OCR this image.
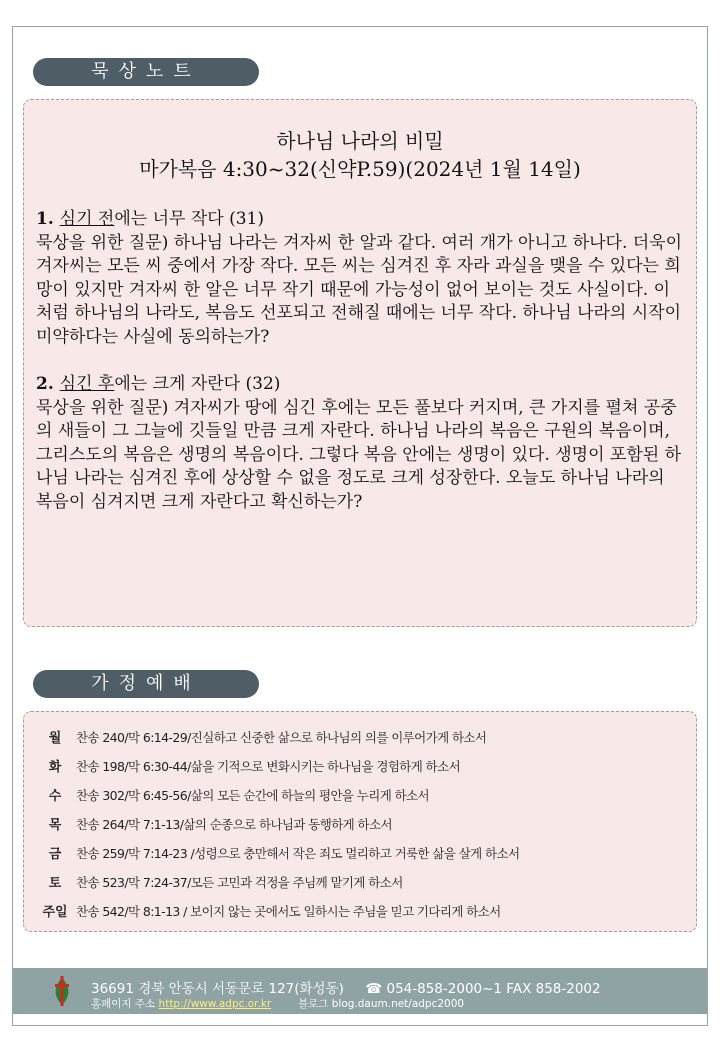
묵상노트
하나님 나라의 비밀
마가복음 4:30~32(신약P.59)(2024년 1월 14일)

1. 심기 전에는 너무 작다 (31)

묵상을 위한 질문) 하나님 나라는 겨자씨 한 알과 같다. 여러 개가 아니고 하나다. 더욱이 겨자씨는 모든 씨 중에서 가장 작다. 모든 씨는 심겨진 후 자라 과실을 맺을 수 있다는 희망이 있지만 겨자씨 한 알은 너무 작기 때문에 가능성이 없어 보이는 것도 사실이다. 이처럼 하나님의 나라도, 복음도 선포되고 전해질 때에는 너무 작다. 하나님 나라의 시작이 미약하다는 사실에 동의하는가?

2. 심긴 후에는 크게 자란다 (32)

묵상을 위한 질문) 겨자씨가 땅에 심긴 후에는 모든 풀보다 커지며, 큰 가지를 펼쳐 공중의 새들이 그 그늘에 깃들일 만큼 크게 자란다. 하나님 나라의 복음은 구원의 복음이며, 그리스도의 복음은 생명의 복음이다. 그렇다 복음 안에는 생명이 있다. 생명이 포함된 하나님 나라는 심겨진 후에 상상할 수 없을 정도로 크게 성장한다. 오늘도 하나님 나라의 복음이 심겨지면 크게 자란다고 확신하는가?

가정예배
월	찬송 240/막 6:14-29/진실하고 신중한 삶으로 하나님의 의를 이루어가게 하소서
화	찬송 198/막 6:30-44/삶을 기적으로 변화시키는 하나님을 경험하게 하소서
수	찬송 302/막 6:45-56/삶의 모든 순간에 하늘의 평안을 누리게 하소서
목	찬송 264/막 7:1-13/삶의 순종으로 하나님과 동행하게 하소서
금	찬송 259/막 7:14-23 /성령으로 충만해서 작은 죄도 멀리하고 거룩한 삶을 살게 하소서
토	찬송 523/막 7:24-37/모든 고민과 걱정을 주님께 맡기게 하소서
주일 찬송 542/막 8:1-13 / 보이지 않는 곳에서도 일하시는 주님을 믿고 기다리게 하소서
36691 경북 안동시 서동문로 127(화성동) ☎ 054-858-2000~1 FAX 858-2002
홈페이지 주소 http://www.adpc.or.kr	블로그 blog.daum.net/adpc2000
